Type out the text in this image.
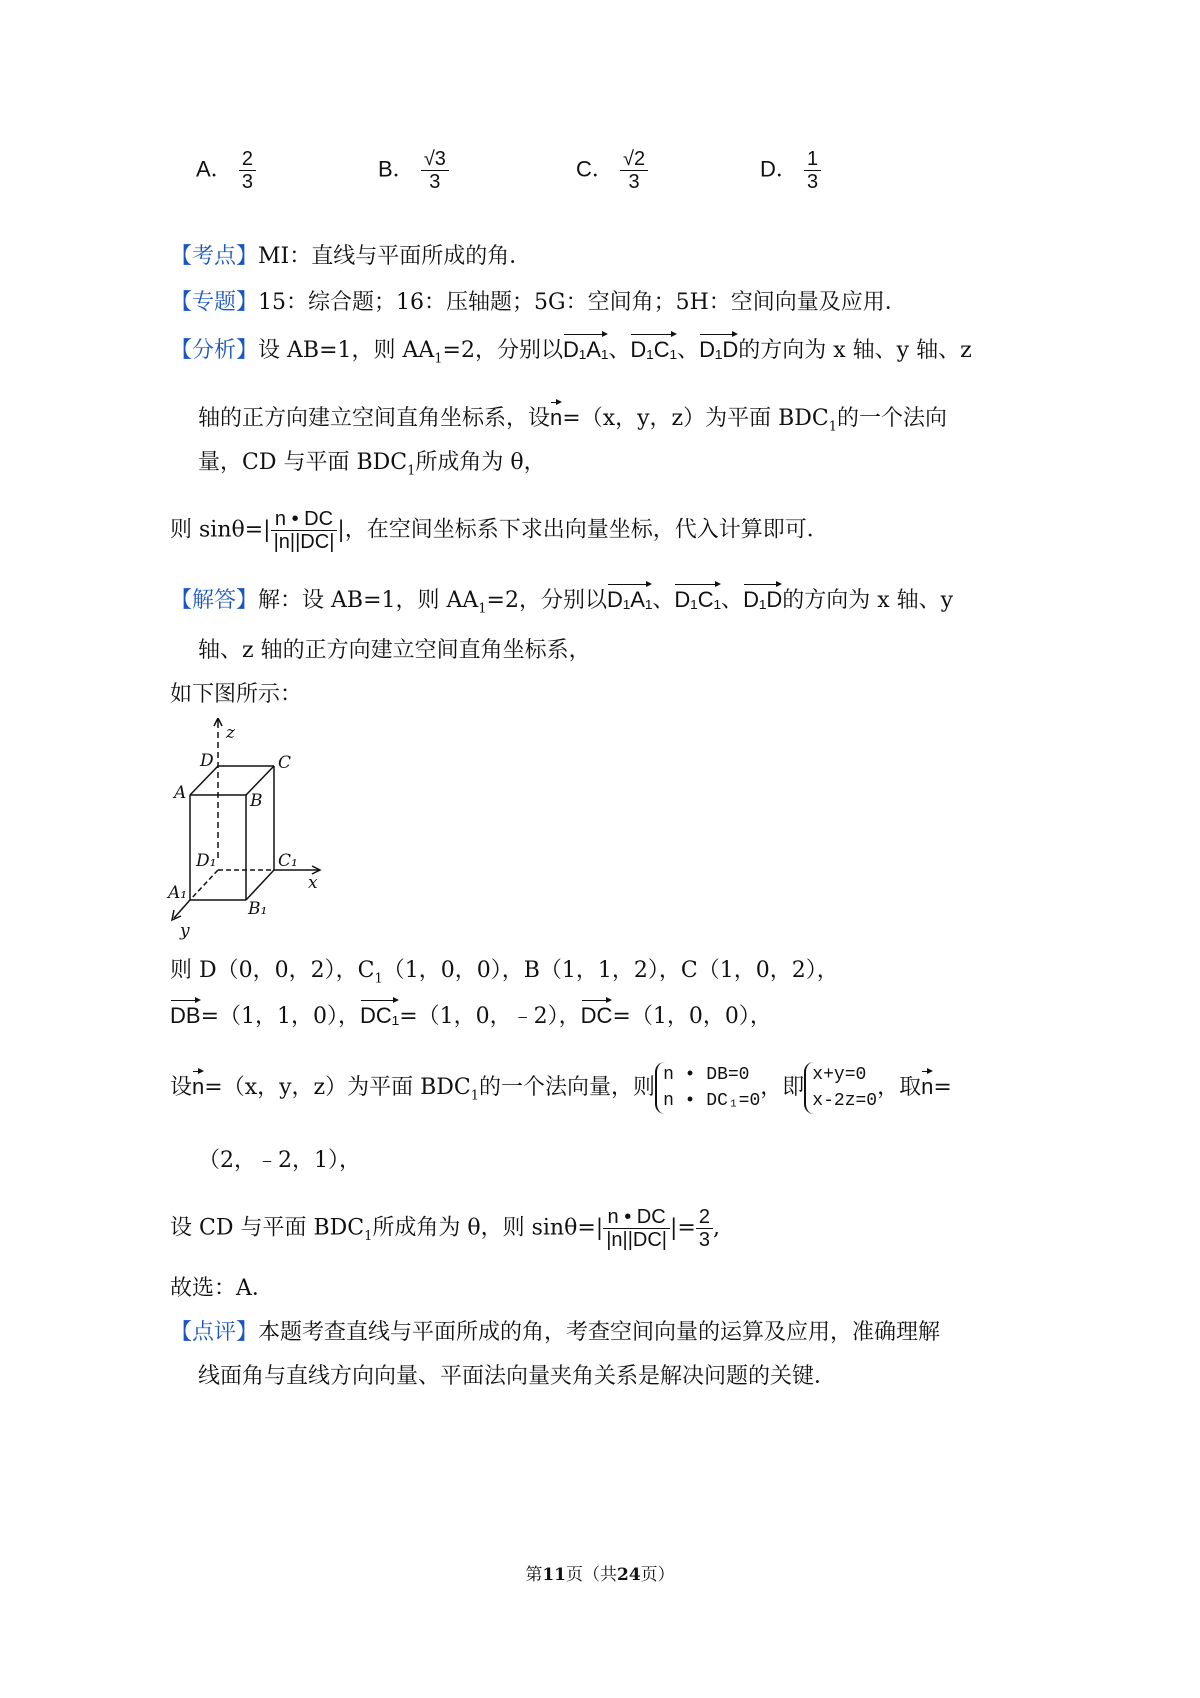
A． $\frac{2}{3}$	B． $\frac{√3}{3}$	C． $\frac{√2}{3}$	D． $\frac{1}{3}$
【考点】MI：直线与平面所成的角．
【专题】15：综合题；16：压轴题；5G：空间角；5H：空间向量及应用．
【分析】设 AB=1，则 $AA_1=2$，分别以D₁A₁、D₁C₁、D₁D的方向为 x 轴、y 轴、z
轴的正方向建立空间直角坐标系，设n=（x，y，z）为平面 $BDC_1$的一个法向
量，CD 与平面 $BDC_1$所成角为 θ，
则 $\sin\theta=| \frac{n • DC}{|n||DC|}$ |，在空间坐标系下求出向量坐标，代入计算即可．
【解答】解：设 AB=1，则 $AA_1=2$，分别以D₁A₁、D₁C₁、D₁D的方向为 x 轴、y
轴、z 轴的正方向建立空间直角坐标系，
如下图所示：
z
D	C
A	B
D₁	C₁
x
A₁
B₁
y
则 D（0，0，2），$C_1(1$，0，0），B（1，1，2），C（1，0，2），
DB=（1，1，0），DC₁=（1，0，﹣2），DC=（1，0，0），
设n=（x，y，z）为平面 $BDC_1$的一个法向量，则 n • DB=0
n • DC₁=0
，即 x+y=0
x-2z=0
，取n=
（2，﹣2，1），
设 CD 与平面 $BDC_1$所成角为 θ，则 $\sin\theta=| \frac{n • DC}{|n||DC|}$ |= $\frac{2}{3}$ ,
故选：A．
【点评】本题考查直线与平面所成的角，考查空间向量的运算及应用，准确理解
线面角与直线方向向量、平面法向量夹角关系是解决问题的关键．
第11页（共24页）
